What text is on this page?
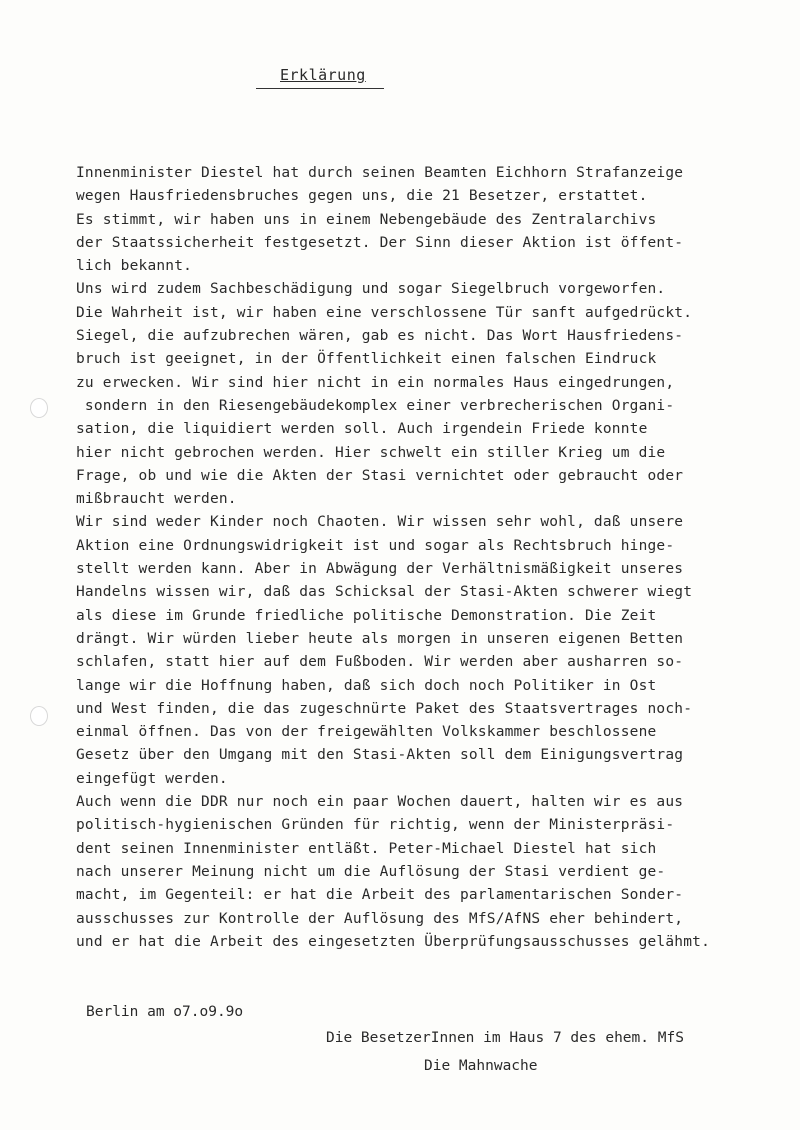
Erklärung
Innenminister Diestel hat durch seinen Beamten Eichhorn Strafanzeige
wegen Hausfriedensbruches gegen uns, die 21 Besetzer, erstattet.
Es stimmt, wir haben uns in einem Nebengebäude des Zentralarchivs
der Staatssicherheit festgesetzt. Der Sinn dieser Aktion ist öffent-
lich bekannt.
Uns wird zudem Sachbeschädigung und sogar Siegelbruch vorgeworfen.
Die Wahrheit ist, wir haben eine verschlossene Tür sanft aufgedrückt.
Siegel, die aufzubrechen wären, gab es nicht. Das Wort Hausfriedens-
bruch ist geeignet, in der Öffentlichkeit einen falschen Eindruck
zu erwecken. Wir sind hier nicht in ein normales Haus eingedrungen,
sondern in den Riesengebäudekomplex einer verbrecherischen Organi-
sation, die liquidiert werden soll. Auch irgendein Friede konnte
hier nicht gebrochen werden. Hier schwelt ein stiller Krieg um die
Frage, ob und wie die Akten der Stasi vernichtet oder gebraucht oder
mißbraucht werden.
Wir sind weder Kinder noch Chaoten. Wir wissen sehr wohl, daß unsere
Aktion eine Ordnungswidrigkeit ist und sogar als Rechtsbruch hinge-
stellt werden kann. Aber in Abwägung der Verhältnismäßigkeit unseres
Handelns wissen wir, daß das Schicksal der Stasi-Akten schwerer wiegt
als diese im Grunde friedliche politische Demonstration. Die Zeit
drängt. Wir würden lieber heute als morgen in unseren eigenen Betten
schlafen, statt hier auf dem Fußboden. Wir werden aber ausharren so-
lange wir die Hoffnung haben, daß sich doch noch Politiker in Ost
und West finden, die das zugeschnürte Paket des Staatsvertrages noch-
einmal öffnen. Das von der freigewählten Volkskammer beschlossene
Gesetz über den Umgang mit den Stasi-Akten soll dem Einigungsvertrag
eingefügt werden.
Auch wenn die DDR nur noch ein paar Wochen dauert, halten wir es aus
politisch-hygienischen Gründen für richtig, wenn der Ministerpräsi-
dent seinen Innenminister entläßt. Peter-Michael Diestel hat sich
nach unserer Meinung nicht um die Auflösung der Stasi verdient ge-
macht, im Gegenteil: er hat die Arbeit des parlamentarischen Sonder-
ausschusses zur Kontrolle der Auflösung des MfS/AfNS eher behindert,
und er hat die Arbeit des eingesetzten Überprüfungsausschusses gelähmt.
Berlin am o7.o9.9o
Die BesetzerInnen im Haus 7 des ehem. MfS
Die Mahnwache
